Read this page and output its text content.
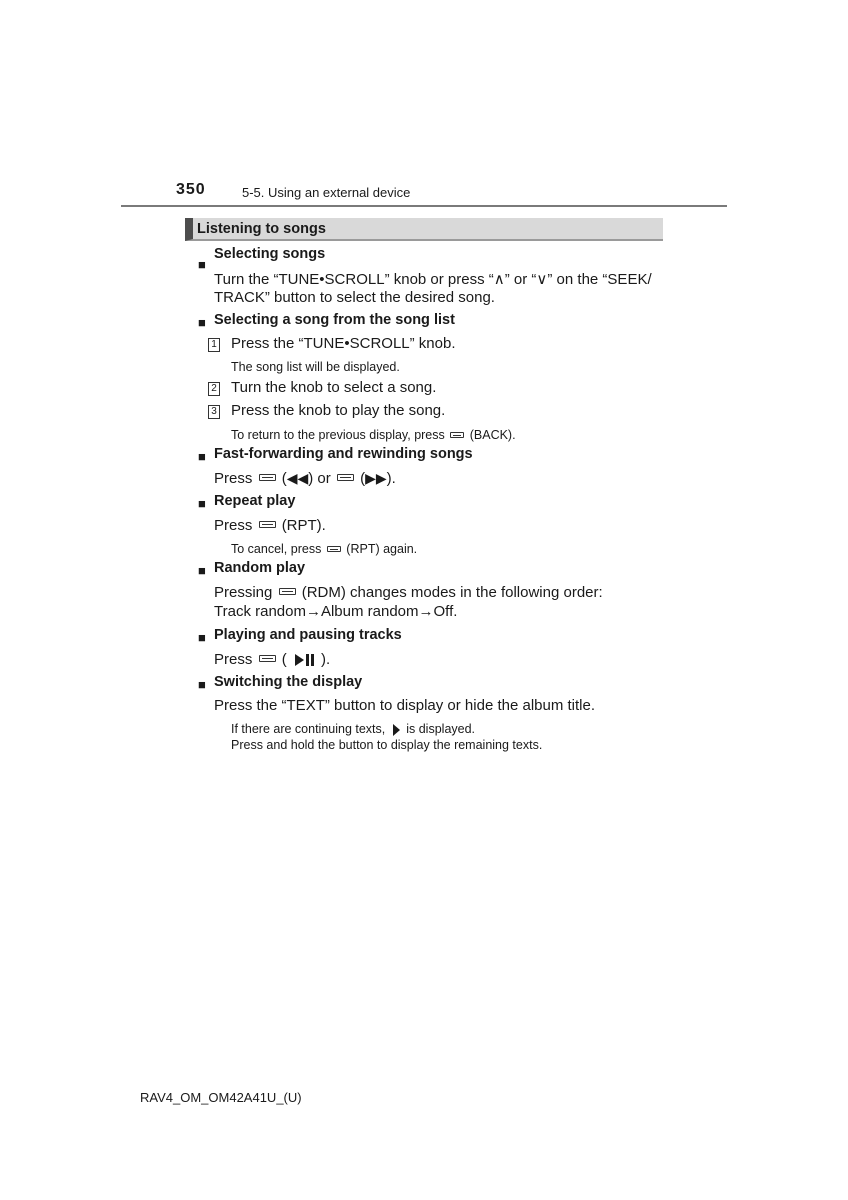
350	5-5. Using an external device
Listening to songs
■
Selecting songs
Turn the “TUNE•SCROLL” knob or press “∧” or “∨” on the “SEEK/
TRACK” button to select the desired song.
■ Selecting a song from the song list
1 Press the “TUNE•SCROLL” knob.
The song list will be displayed.
2 Turn the knob to select a song.
3 Press the knob to play the song.
To return to the previous display, press (BACK).
■ Fast-forwarding and rewinding songs
Press (◀◀) or (▶▶).
■ Repeat play
Press (RPT).
To cancel, press (RPT) again.
■ Random play
Pressing (RDM) changes modes in the following order:
Track random→Album random→Off.
■ Playing and pausing tracks
Press ( ).
■ Switching the display
Press the “TEXT” button to display or hide the album title.
If there are continuing texts, is displayed.
Press and hold the button to display the remaining texts.
RAV4_OM_OM42A41U_(U)
